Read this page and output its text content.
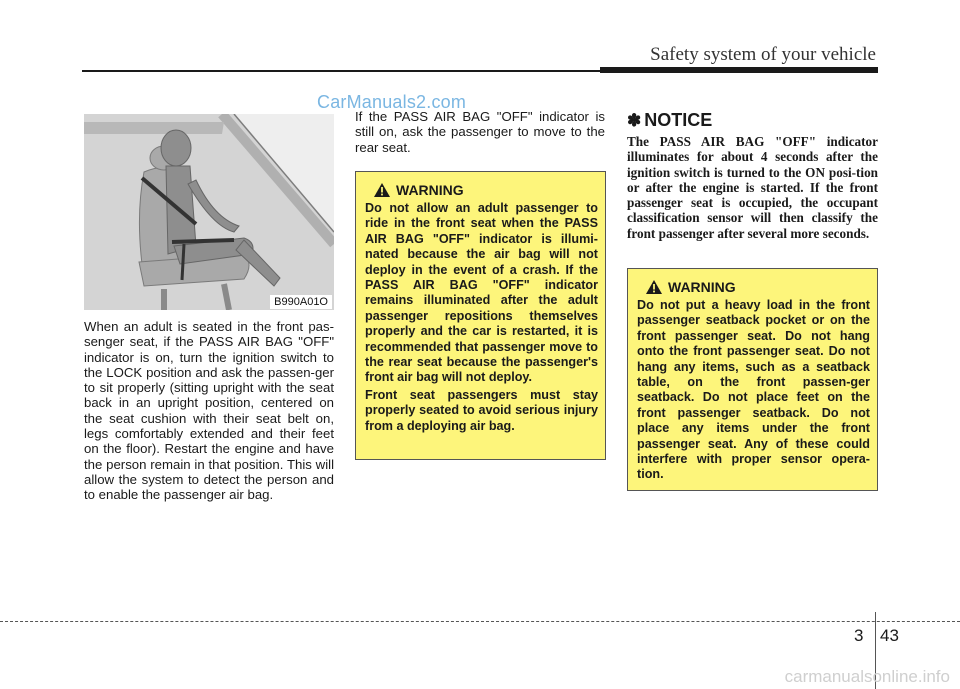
Safety system of your vehicle
CarManuals2.com
B990A01O

When an adult is seated in the front pas-senger seat, if the PASS AIR BAG "OFF" indicator is on, turn the ignition switch to the LOCK position and ask the passen-ger to sit properly (sitting upright with the seat back in an upright position, centered on the seat cushion with their seat belt on, legs comfortably extended and their feet on the floor). Restart the engine and have the person remain in that position. This will allow the system to detect the person and to enable the passenger air bag.

If the PASS AIR BAG "OFF" indicator is still on, ask the passenger to move to the rear seat.

WARNING

Do not allow an adult passenger to ride in the front seat when the PASS AIR BAG "OFF" indicator is illumi-nated because the air bag will not deploy in the event of a crash. If the PASS AIR BAG "OFF" indicator remains illuminated after the adult passenger repositions themselves properly and the car is restarted, it is recommended that passenger move to the rear seat because the passenger's front air bag will not deploy.

Front seat passengers must stay properly seated to avoid serious injury from a deploying air bag.

✽ NOTICE

The PASS AIR BAG "OFF" indicator illuminates for about 4 seconds after the ignition switch is turned to the ON posi-tion or after the engine is started. If the front passenger seat is occupied, the occupant classification sensor will then classify the front passenger after several more seconds.

WARNING

Do not put a heavy load in the front passenger seatback pocket or on the front passenger seat. Do not hang onto the front passenger seat. Do not hang any items, such as a seatback table, on the front passen-ger seatback. Do not place feet on the front passenger seatback. Do not place any items under the front passenger seat. Any of these could interfere with proper sensor opera-tion.

3 43
carmanualsonline.info
